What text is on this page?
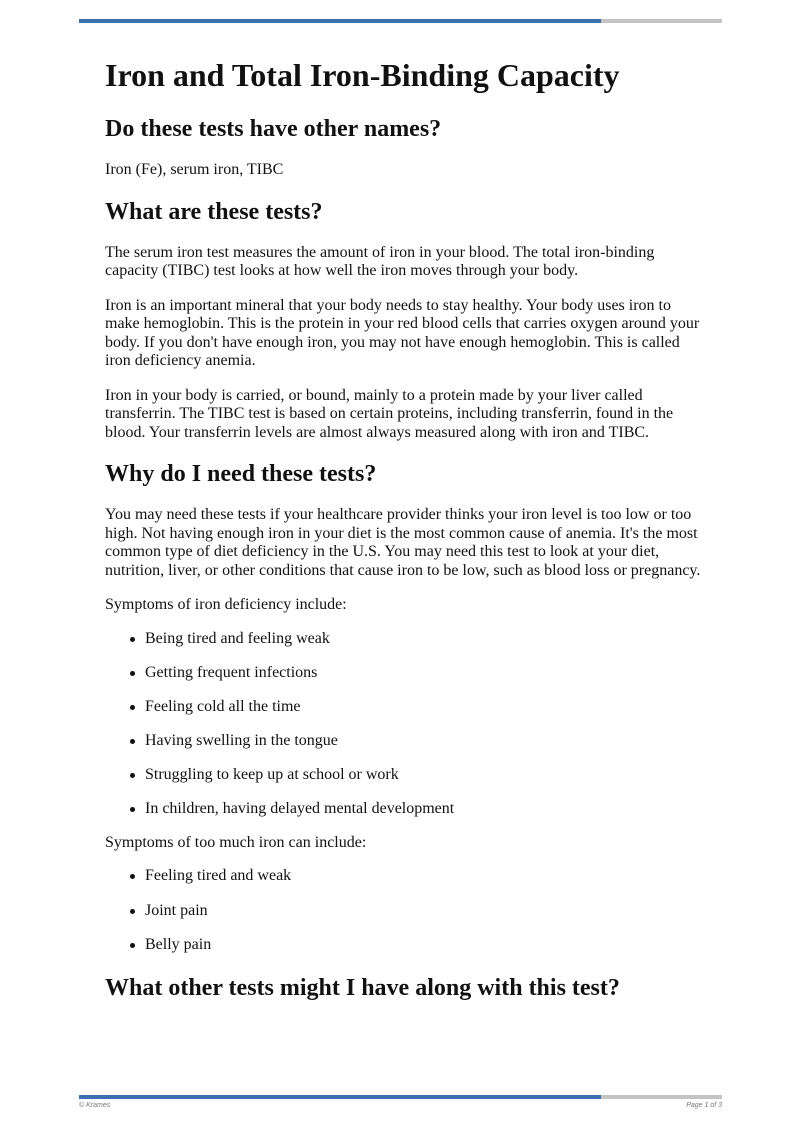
Iron and Total Iron-Binding Capacity
Do these tests have other names?

Iron (Fe), serum iron, TIBC

What are these tests?

The serum iron test measures the amount of iron in your blood. The total iron-binding capacity (TIBC) test looks at how well the iron moves through your body.

Iron is an important mineral that your body needs to stay healthy. Your body uses iron to make hemoglobin. This is the protein in your red blood cells that carries oxygen around your body. If you don't have enough iron, you may not have enough hemoglobin. This is called iron deficiency anemia.

Iron in your body is carried, or bound, mainly to a protein made by your liver called transferrin. The TIBC test is based on certain proteins, including transferrin, found in the blood. Your transferrin levels are almost always measured along with iron and TIBC.

Why do I need these tests?

You may need these tests if your healthcare provider thinks your iron level is too low or too high. Not having enough iron in your diet is the most common cause of anemia. It's the most common type of diet deficiency in the U.S. You may need this test to look at your diet, nutrition, liver, or other conditions that cause iron to be low, such as blood loss or pregnancy.

Symptoms of iron deficiency include:

Being tired and feeling weak
Getting frequent infections
Feeling cold all the time
Having swelling in the tongue
Struggling to keep up at school or work
In children, having delayed mental development

Symptoms of too much iron can include:

Feeling tired and weak
Joint pain
Belly pain
What other tests might I have along with this test?
© Krames	Page 1 of 3
